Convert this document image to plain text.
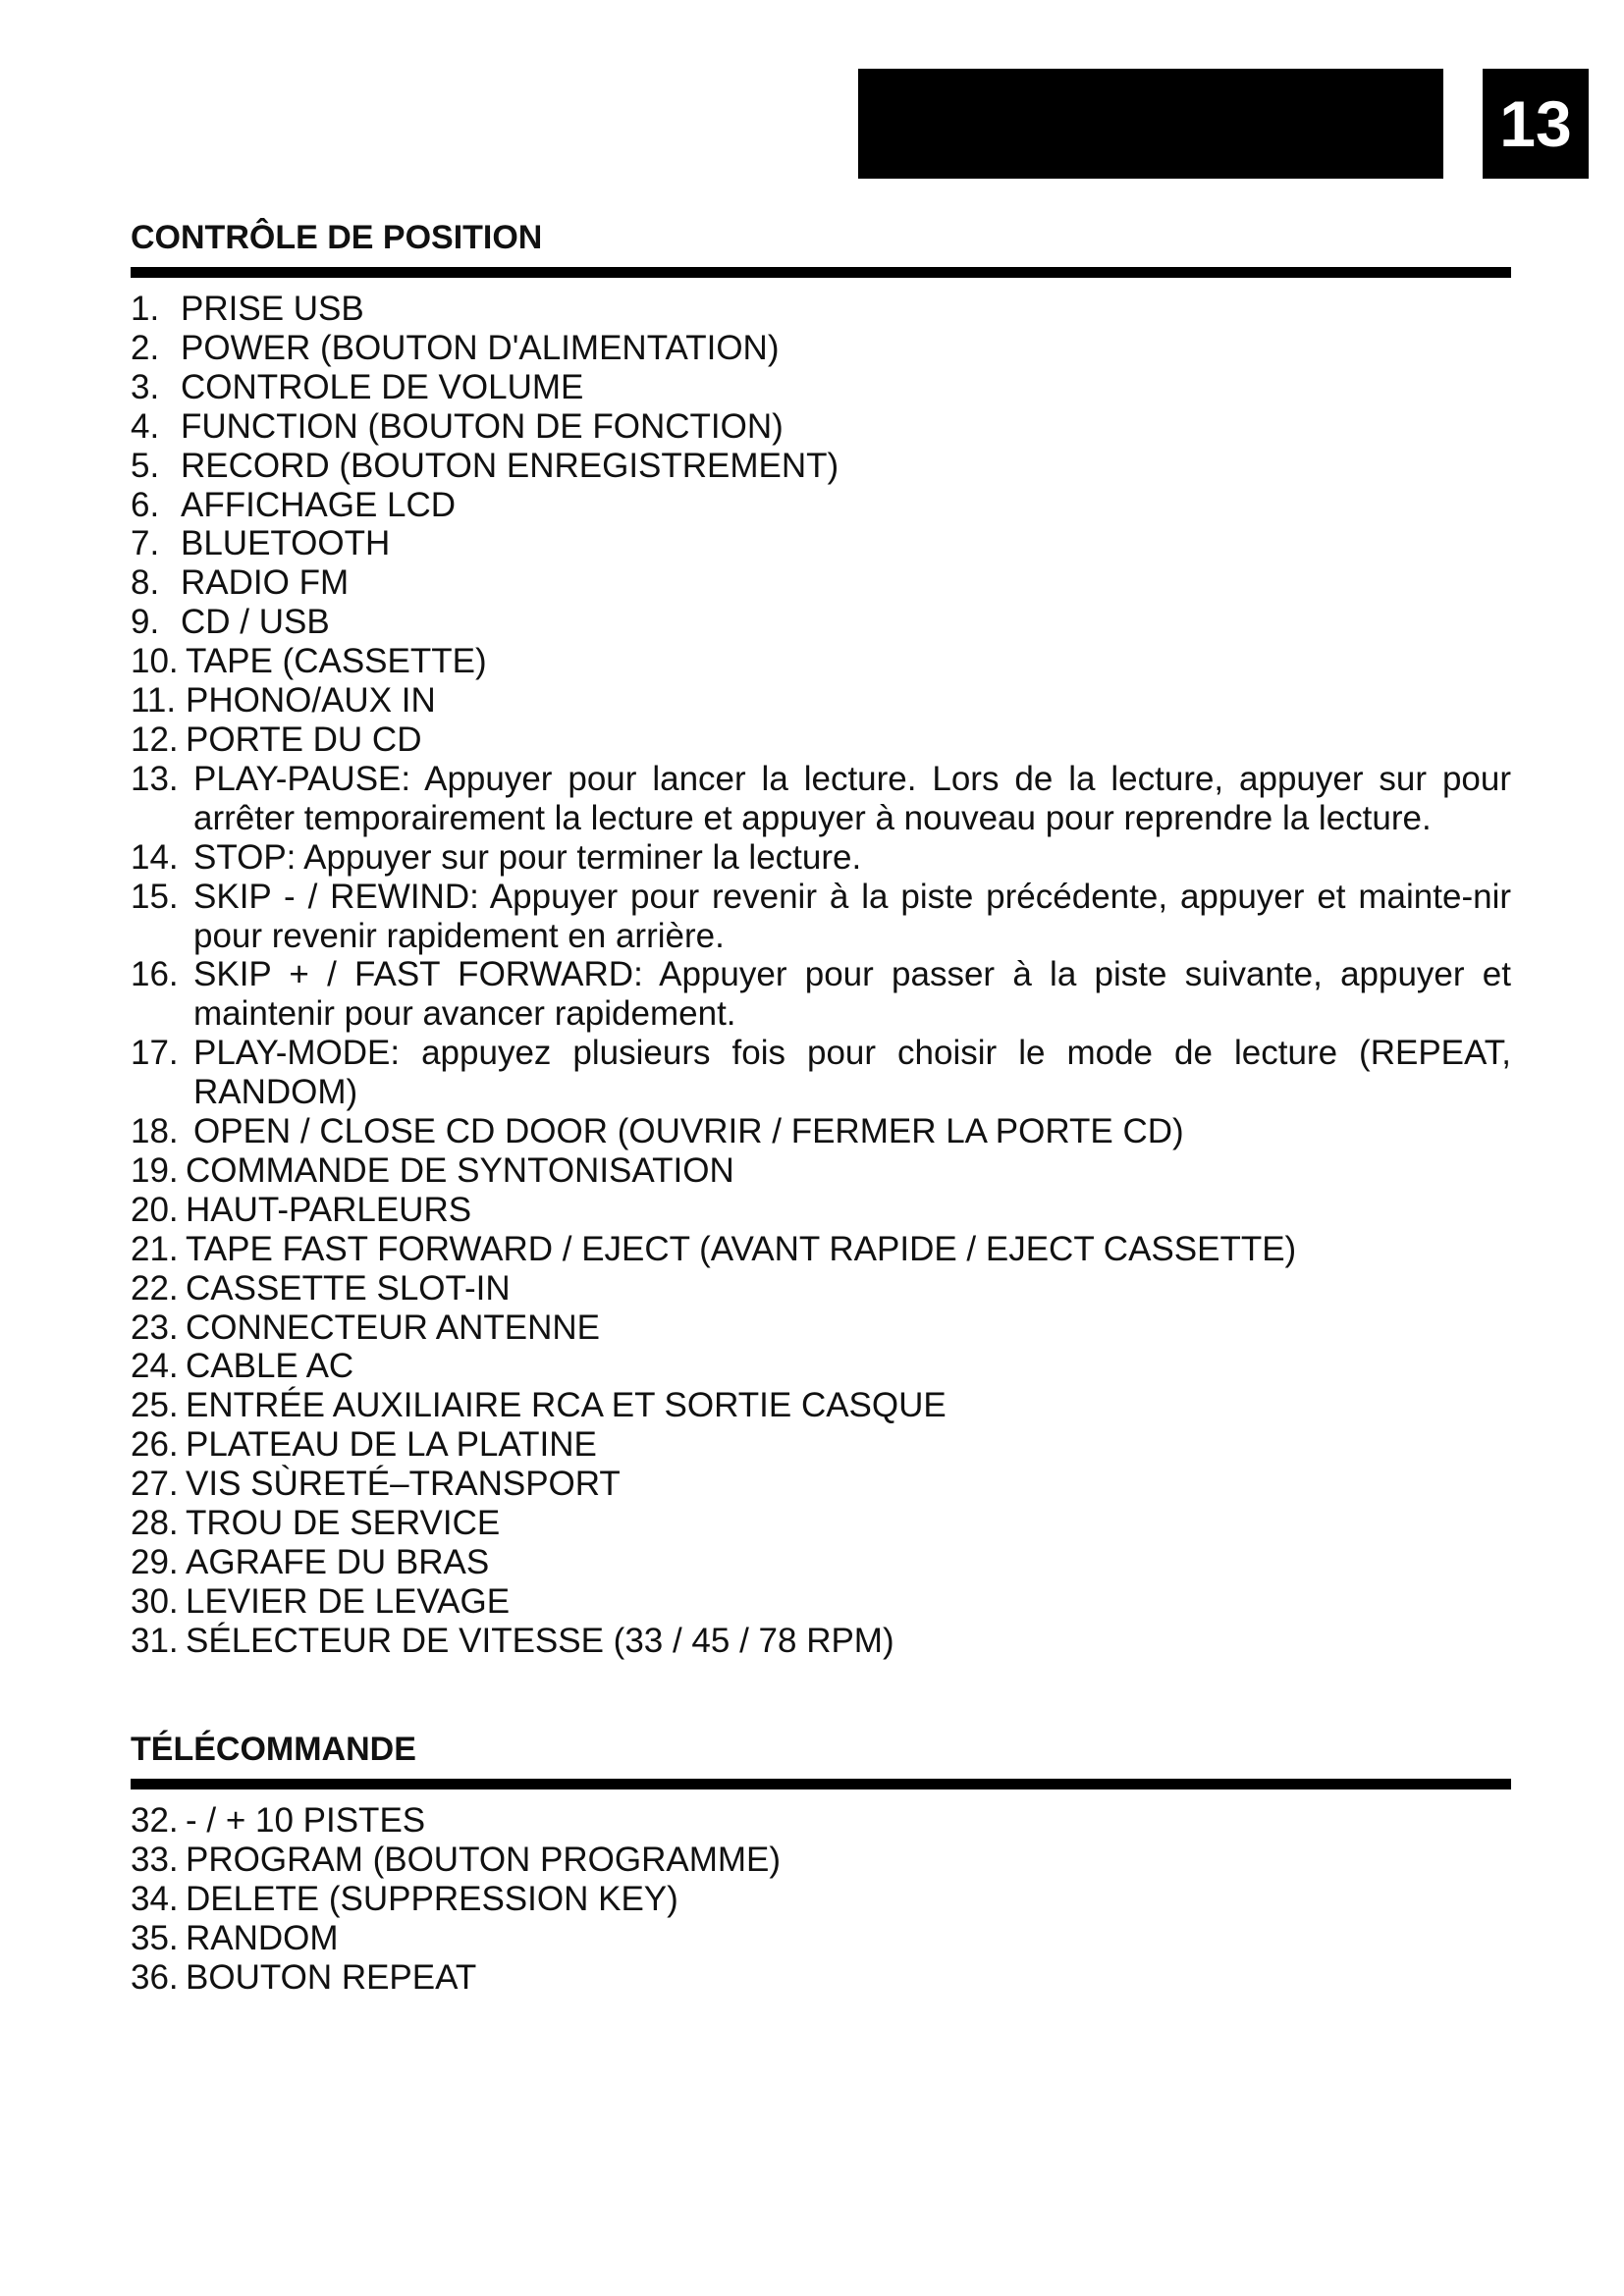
13
CONTRÔLE DE POSITION
1. PRISE USB
2. POWER (BOUTON D'ALIMENTATION)
3. CONTROLE DE VOLUME
4. FUNCTION (BOUTON DE FONCTION)
5. RECORD (BOUTON ENREGISTREMENT)
6. AFFICHAGE LCD
7. BLUETOOTH
8. RADIO FM
9. CD / USB
10. TAPE (CASSETTE)
11. PHONO/AUX IN
12. PORTE DU CD
13. PLAY-PAUSE: Appuyer pour lancer la lecture. Lors de la lecture, appuyer sur pour arrêter temporairement la lecture et appuyer à nouveau pour reprendre la lecture.
14. STOP: Appuyer sur pour terminer la lecture.
15. SKIP - / REWIND: Appuyer pour revenir à la piste précédente, appuyer et mainte-nir pour revenir rapidement en arrière.
16. SKIP + / FAST FORWARD: Appuyer pour passer à la piste suivante, appuyer et maintenir pour avancer rapidement.
17. PLAY-MODE: appuyez plusieurs fois pour choisir le mode de lecture (REPEAT, RANDOM)
18. OPEN / CLOSE CD DOOR (OUVRIR / FERMER LA PORTE CD)
19. COMMANDE DE SYNTONISATION
20. HAUT-PARLEURS
21. TAPE FAST FORWARD / EJECT (AVANT RAPIDE / EJECT CASSETTE)
22. CASSETTE SLOT-IN
23. CONNECTEUR ANTENNE
24. CABLE AC
25. ENTRÉE AUXILIAIRE RCA ET SORTIE CASQUE
26. PLATEAU DE LA PLATINE
27. VIS SÙRETÉ–TRANSPORT
28. TROU DE SERVICE
29. AGRAFE DU BRAS
30. LEVIER DE LEVAGE
31. SÉLECTEUR DE VITESSE (33 / 45 / 78 RPM)
TÉLÉCOMMANDE
32. - / + 10 PISTES
33. PROGRAM (BOUTON PROGRAMME)
34. DELETE (SUPPRESSION KEY)
35. RANDOM
36. BOUTON REPEAT
